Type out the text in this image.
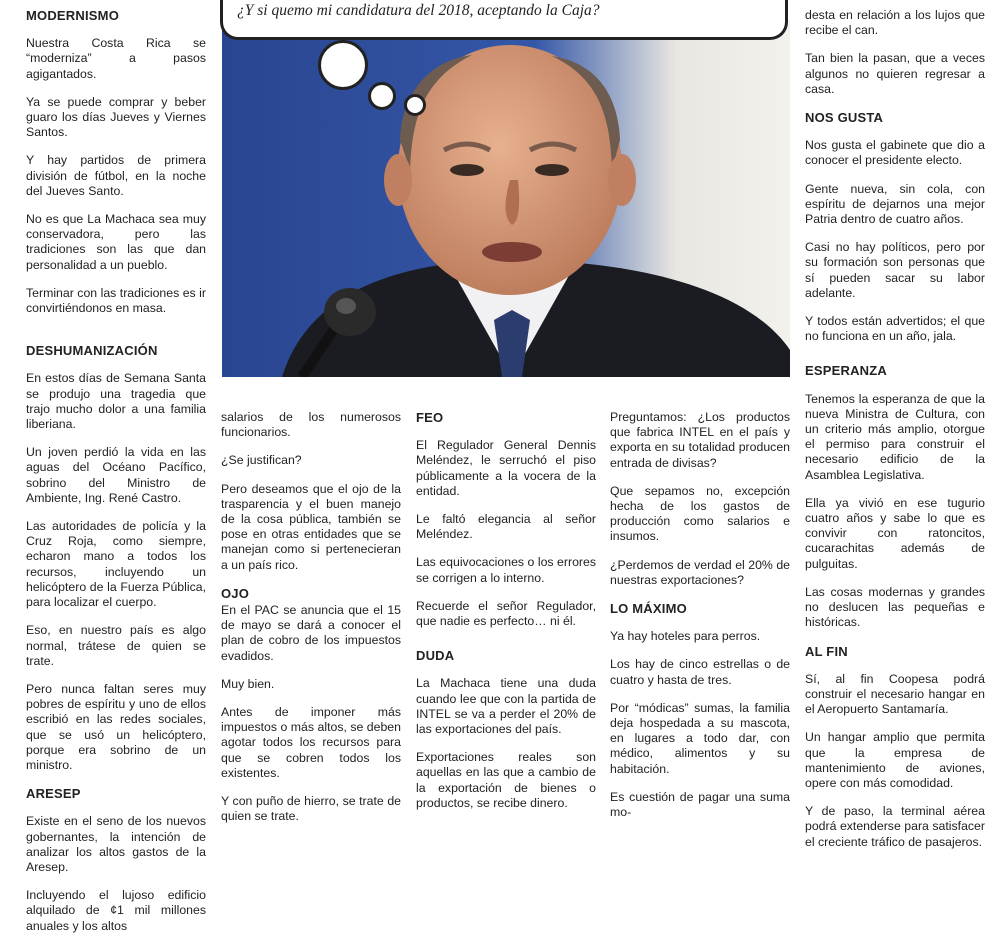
MODERNISMO

Nuestra Costa Rica se “moderniza” a pasos agigantados.

Ya se puede comprar y beber guaro los días Jueves y Viernes Santos.

Y hay partidos de primera división de fútbol, en la noche del Jueves Santo.

No es que La Machaca sea muy conservadora, pero las tradiciones son las que dan personalidad a un pueblo.

Terminar con las tradiciones es ir convirtiéndonos en masa.

DESHUMANIZACIÓN

En estos días de Semana Santa se produjo una tragedia que trajo mucho dolor a una familia liberiana.

Un joven perdió la vida en las aguas del Océano Pacífico, sobrino del Ministro de Ambiente, Ing. René Castro.

Las autoridades de policía y la Cruz Roja, como siempre, echaron mano a todos los recursos, incluyendo un helicóptero de la Fuerza Pública, para localizar el cuerpo.

Eso, en nuestro país es algo normal, trátese de quien se trate.

Pero nunca faltan seres muy pobres de espíritu y uno de ellos escribió en las redes sociales, que se usó un helicóptero, porque era sobrino de un ministro.

ARESEP

Existe en el seno de los nuevos gobernantes, la intención de analizar los altos gastos de la Aresep.

Incluyendo el lujoso edificio alquilado de ¢1 mil millones anuales y los altos

¿Y si quemo mi candidatura del 2018, aceptando la Caja?

salarios de los numerosos funcionarios.

¿Se justifican?

Pero deseamos que el ojo de la trasparencia y el buen manejo de la cosa pública, también se pose en otras entidades que se manejan como si pertenecieran a un país rico.

OJO

En el PAC se anuncia que el 15 de mayo se dará a conocer el plan de cobro de los impuestos evadidos.

Muy bien.

Antes de imponer más impuestos o más altos, se deben agotar todos los recursos para que se cobren todos los existentes.

Y con puño de hierro, se trate de quien se trate.

FEO

El Regulador General Dennis Meléndez, le serruchó el piso públicamente a la vocera de la entidad.

Le faltó elegancia al señor Meléndez.

Las equivocaciones o los errores se corrigen a lo interno.

Recuerde el señor Regulador, que nadie es perfecto… ni él.

DUDA

La Machaca tiene una duda cuando lee que con la partida de INTEL se va a perder el 20% de las exportaciones del país.

Exportaciones reales son aquellas en las que a cambio de la exportación de bienes o productos, se recibe dinero.

Preguntamos: ¿Los productos que fabrica INTEL en el país y exporta en su totalidad producen entrada de divisas?

Que sepamos no, excepción hecha de los gastos de producción como salarios e insumos.

¿Perdemos de verdad el 20% de nuestras exportaciones?

LO MÁXIMO

Ya hay hoteles para perros.

Los hay de cinco estrellas o de cuatro y hasta de tres.

Por “módicas” sumas, la familia deja hospedada a su mascota, en lugares a todo dar, con médico, alimentos y su habitación.

Es cuestión de pagar una suma mo-

desta en relación a los lujos que recibe el can.

Tan bien la pasan, que a veces algunos no quieren regresar a casa.

NOS GUSTA

Nos gusta el gabinete que dio a conocer el presidente electo.

Gente nueva, sin cola, con espíritu de dejarnos una mejor Patria dentro de cuatro años.

Casi no hay políticos, pero por su formación son personas que sí pueden sacar su labor adelante.

Y todos están advertidos; el que no funciona en un año, jala.

ESPERANZA

Tenemos la esperanza de que la nueva Ministra de Cultura, con un criterio más amplio, otorgue el permiso para construir el necesario edificio de la Asamblea Legislativa.

Ella ya vivió en ese tugurio cuatro años y sabe lo que es convivir con ratoncitos, cucarachitas además de pulguitas.

Las cosas modernas y grandes no deslucen las pequeñas e históricas.

AL FIN

Sí, al fin Coopesa podrá construir el necesario hangar en el Aeropuerto Santamaría.

Un hangar amplio que permita que la empresa de mantenimiento de aviones, opere con más comodidad.

Y de paso, la terminal aérea podrá extenderse para satisfacer el creciente tráfico de pasajeros.
